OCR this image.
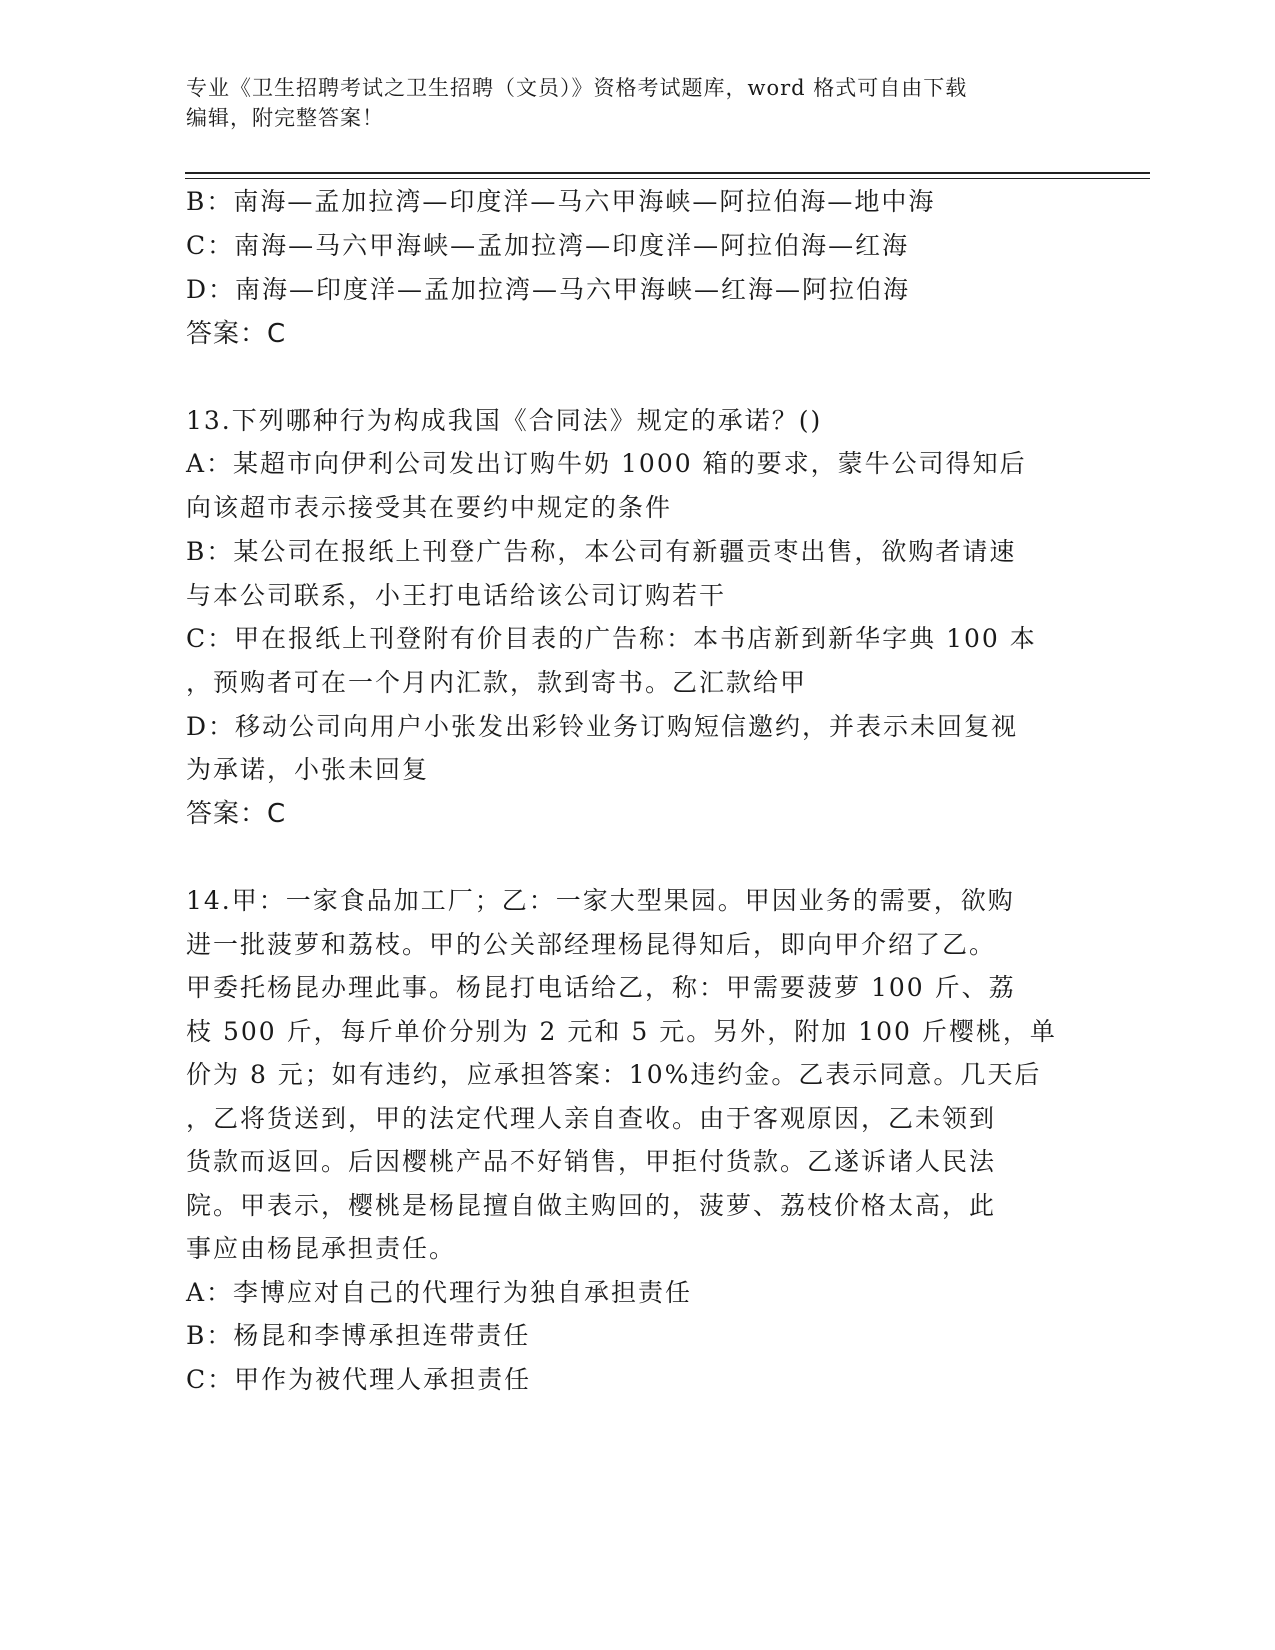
专业《卫生招聘考试之卫生招聘（文员）》资格考试题库，word 格式可自由下载
编辑，附完整答案！
B：南海—孟加拉湾—印度洋—马六甲海峡—阿拉伯海—地中海
C：南海—马六甲海峡—孟加拉湾—印度洋—阿拉伯海—红海
D：南海—印度洋—孟加拉湾—马六甲海峡—红海—阿拉伯海
答案：C
13.下列哪种行为构成我国《合同法》规定的承诺？()
A：某超市向伊利公司发出订购牛奶 1000 箱的要求，蒙牛公司得知后
向该超市表示接受其在要约中规定的条件
B：某公司在报纸上刊登广告称，本公司有新疆贡枣出售，欲购者请速
与本公司联系，小王打电话给该公司订购若干
C：甲在报纸上刊登附有价目表的广告称：本书店新到新华字典 100 本
，预购者可在一个月内汇款，款到寄书。乙汇款给甲
D：移动公司向用户小张发出彩铃业务订购短信邀约，并表示未回复视
为承诺，小张未回复
答案：C
14.甲：一家食品加工厂；乙：一家大型果园。甲因业务的需要，欲购
进一批菠萝和荔枝。甲的公关部经理杨昆得知后，即向甲介绍了乙。
甲委托杨昆办理此事。杨昆打电话给乙，称：甲需要菠萝 100 斤、荔
枝 500 斤，每斤单价分别为 2 元和 5 元。另外，附加 100 斤樱桃，单
价为 8 元；如有违约，应承担答案：10%违约金。乙表示同意。几天后
，乙将货送到，甲的法定代理人亲自查收。由于客观原因，乙未领到
货款而返回。后因樱桃产品不好销售，甲拒付货款。乙遂诉诸人民法
院。甲表示，樱桃是杨昆擅自做主购回的，菠萝、荔枝价格太高，此
事应由杨昆承担责任。
A：李博应对自己的代理行为独自承担责任
B：杨昆和李博承担连带责任
C：甲作为被代理人承担责任
